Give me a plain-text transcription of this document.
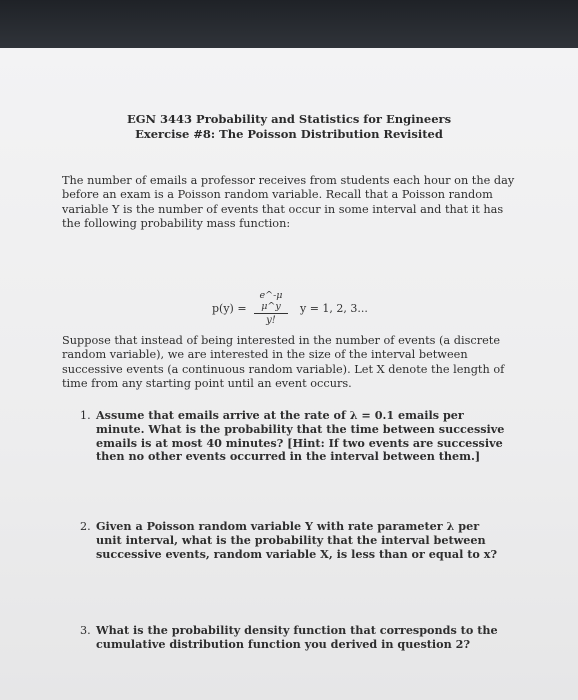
EGN 3443 Probability and Statistics for Engineers
Exercise #8: The Poisson Distribution Revisited
The number of emails a professor receives from students each hour on the day before an exam is a Poisson random variable. Recall that a Poisson random variable Y is the number of events that occur in some interval and that it has the following probability mass function:
p(y) =
e^-μ μ^y
y!
y = 1, 2, 3...
Suppose that instead of being interested in the number of events (a discrete random variable), we are interested in the size of the interval between successive events (a continuous random variable). Let X denote the length of time from any starting point until an event occurs.
1. Assume that emails arrive at the rate of λ = 0.1 emails per minute. What is the probability that the time between successive emails is at most 40 minutes? [Hint: If two events are successive then no other events occurred in the interval between them.]
2. Given a Poisson random variable Y with rate parameter λ per unit interval, what is the probability that the interval between successive events, random variable X, is less than or equal to x?
3. What is the probability density function that corresponds to the cumulative distribution function you derived in question 2?
